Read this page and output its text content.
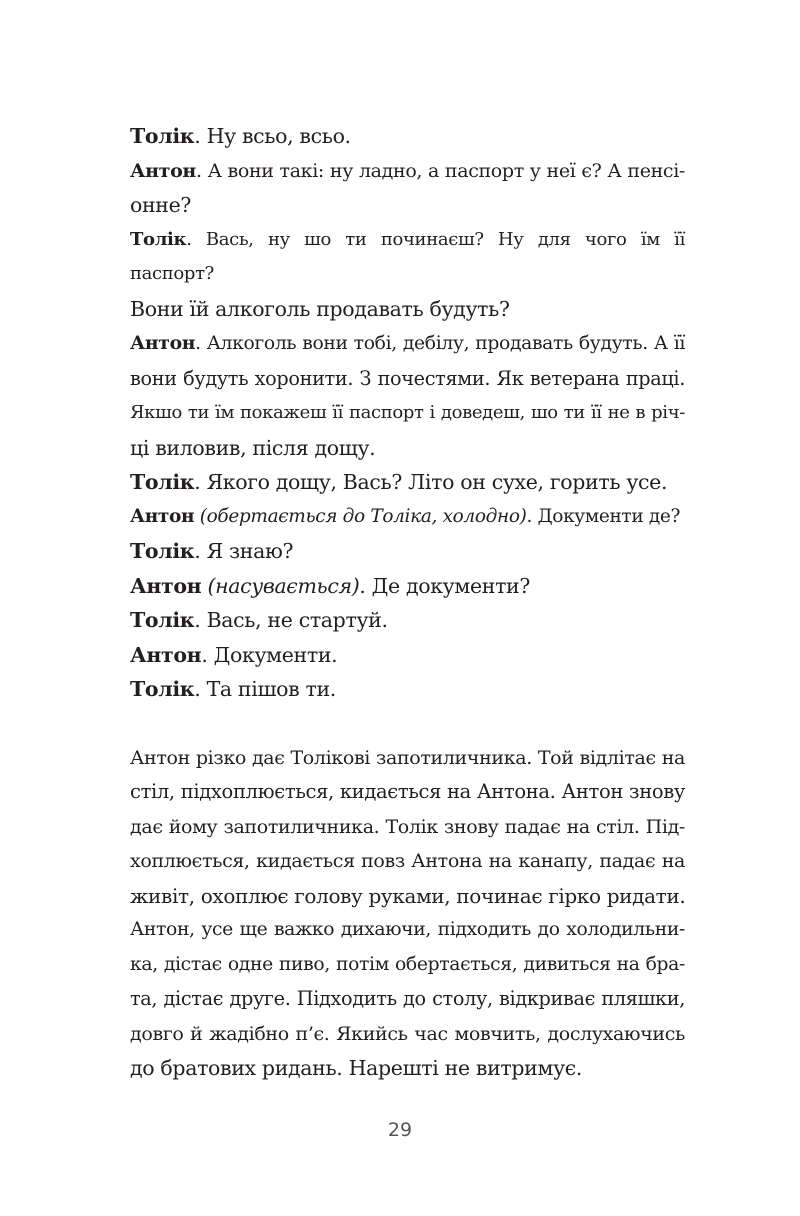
Толік. Ну всьо, всьо.

Антон. А вони такі: ну ладно, а паспорт у неї є? А пенсі-

онне?

Толік. Вась, ну шо ти починаєш? Ну для чого їм її паспорт?

Вони їй алкоголь продавать будуть?

Антон. Алкоголь вони тобі, дебілу, продавать будуть. А її

вони будуть хоронити. З почестями. Як ветерана праці.

Якшо ти їм покажеш її паспорт і доведеш, шо ти її не в річ-

ці виловив, після дощу.

Толік. Якого дощу, Вась? Літо он сухе, горить усе.

Антон (обертається до Толіка, холодно). Документи де?

Толік. Я знаю?

Антон (насувається). Де документи?

Толік. Вась, не стартуй.

Антон. Документи.

Толік. Та пішов ти.

Антон різко дає Толікові запотиличника. Той відлітає на

стіл, підхоплюється, кидається на Антона. Антон знову

дає йому запотиличника. Толік знову падає на стіл. Під-

хоплюється, кидається повз Антона на канапу, падає на

живіт, охоплює голову руками, починає гірко ридати.

Антон, усе ще важко дихаючи, підходить до холодильни-

ка, дістає одне пиво, потім обертається, дивиться на бра-

та, дістає друге. Підходить до столу, відкриває пляшки,

довго й жадібно п’є. Якийсь час мовчить, дослухаючись

до братових ридань. Нарешті не витримує.

29
